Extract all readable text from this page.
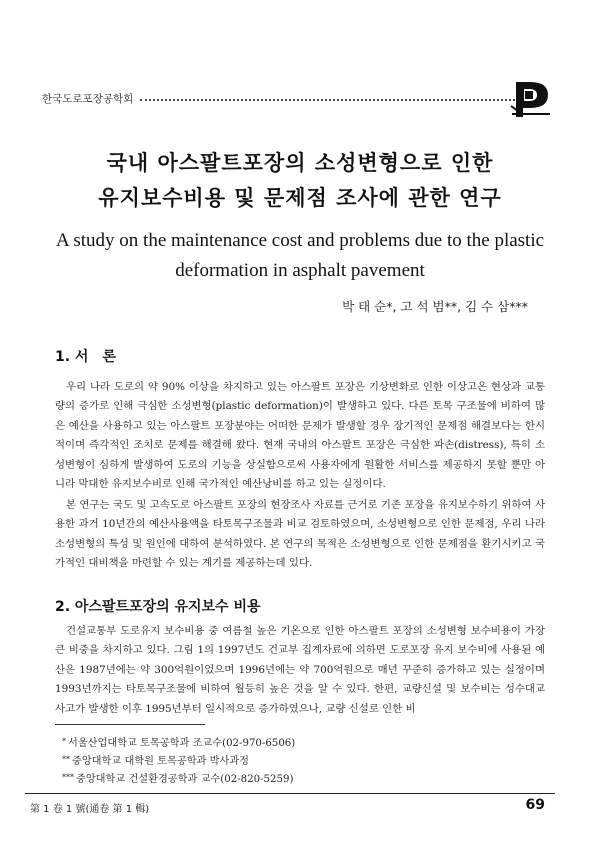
한국도로포장공학회
국내 아스팔트포장의 소성변형으로 인한
유지보수비용 및 문제점 조사에 관한 연구
A study on the maintenance cost and problems due to the plastic
deformation in asphalt pavement
박 태 순*, 고 석 범**, 김 수 삼***
1. 서　론

우리 나라 도로의 약 90% 이상을 차지하고 있는 아스팔트 포장은 기상변화로 인한 이상고온 현상과 교통량의 증가로 인해 극심한 소성변형(plastic deformation)이 발생하고 있다. 다른 토목 구조물에 비하여 많은 예산을 사용하고 있는 아스팔트 포장분야는 어떠한 문제가 발생할 경우 장기적인 문제점 해결보다는 한시적이며 즉각적인 조치로 문제를 해결해 왔다. 현재 국내의 아스팔트 포장은 극심한 파손(distress), 특히 소성변형이 심하게 발생하여 도로의 기능을 상실함으로써 사용자에게 원활한 서비스를 제공하지 못할 뿐만 아니라 막대한 유지보수비로 인해 국가적인 예산낭비를 하고 있는 실정이다.

본 연구는 국도 및 고속도로 아스팔트 포장의 현장조사 자료를 근거로 기존 포장을 유지보수하기 위하여 사용한 과거 10년간의 예산사용액을 타토목구조물과 비교 검토하였으며, 소성변형으로 인한 문제점, 우리 나라 소성변형의 특성 및 원인에 대하여 분석하였다. 본 연구의 목적은 소성변형으로 인한 문제점을 환기시키고 국가적인 대비책을 마련할 수 있는 계기를 제공하는데 있다.

2. 아스팔트포장의 유지보수 비용

건설교통부 도로유지 보수비용 중 여름철 높은 기온으로 인한 아스팔트 포장의 소성변형 보수비용이 가장 큰 비중을 차지하고 있다. 그림 1의 1997년도 건교부 집계자료에 의하면 도로포장 유지 보수비에 사용된 예산은 1987년에는 약 300억원이었으며 1996년에는 약 700억원으로 매년 꾸준히 증가하고 있는 실정이며 1993년까지는 타토목구조물에 비하여 월등히 높은 것을 알 수 있다. 한편, 교량신설 및 보수비는 성수대교 사고가 발생한 이후 1995년부터 일시적으로 증가하였으나, 교량 신설로 인한 비

* 서울산업대학교 토목공학과 조교수(02-970-6506)
** 중앙대학교 대학원 토목공학과 박사과정
*** 중앙대학교 건설환경공학과 교수(02-820-5259)
第 1 卷 1 號(通卷 第 1 輯)	69
